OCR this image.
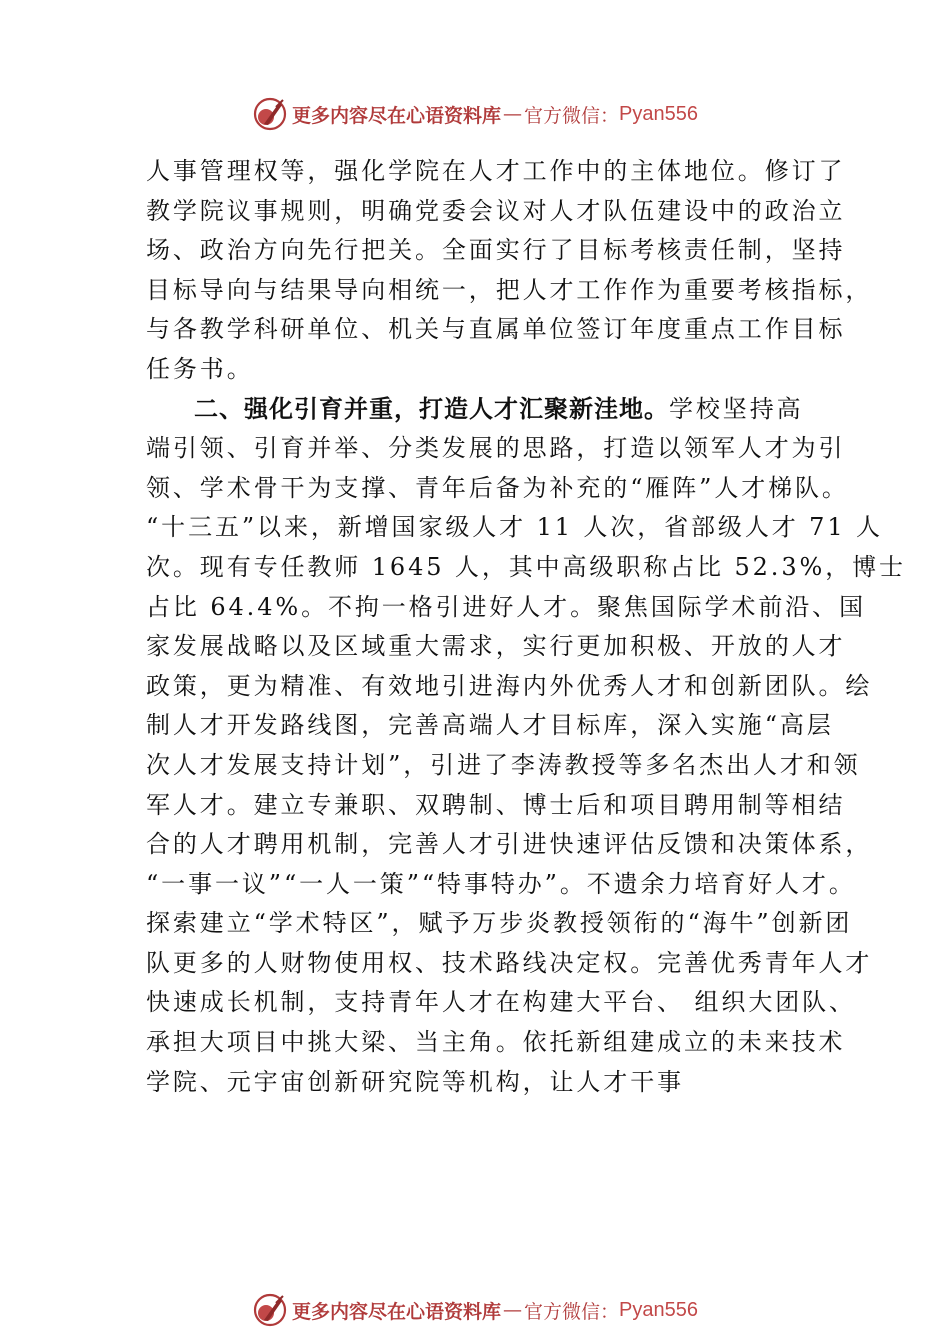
更多内容尽在心语资料库 — 官方微信： Pyan556
人事管理权等，强化学院在人才工作中的主体地位。修订了
教学院议事规则，明确党委会议对人才队伍建设中的政治立
场、政治方向先行把关。全面实行了目标考核责任制，坚持
目标导向与结果导向相统一，把人才工作作为重要考核指标，
与各教学科研单位、机关与直属单位签订年度重点工作目标
任务书。
二、强化引育并重，打造人才汇聚新洼地。学校坚持高
端引领、引育并举、分类发展的思路，打造以领军人才为引
领、学术骨干为支撑、青年后备为补充的“雁阵”人才梯队。
“十三五”以来，新增国家级人才 11 人次，省部级人才 71 人
次。现有专任教师 1645 人，其中高级职称占比 52.3%，博士
占比 64.4%。不拘一格引进好人才。聚焦国际学术前沿、国
家发展战略以及区域重大需求，实行更加积极、开放的人才
政策，更为精准、有效地引进海内外优秀人才和创新团队。绘
制人才开发路线图，完善高端人才目标库，深入实施“高层
次人才发展支持计划”，引进了李涛教授等多名杰出人才和领
军人才。建立专兼职、双聘制、博士后和项目聘用制等相结
合的人才聘用机制，完善人才引进快速评估反馈和决策体系，
“一事一议”“一人一策”“特事特办”。不遗余力培育好人才。
探索建立“学术特区”，赋予万步炎教授领衔的“海牛”创新团
队更多的人财物使用权、技术路线决定权。完善优秀青年人才
快速成长机制，支持青年人才在构建大平台、 组织大团队、
承担大项目中挑大梁、当主角。依托新组建成立的未来技术
学院、元宇宙创新研究院等机构，让人才干事
更多内容尽在心语资料库 — 官方微信： Pyan556
